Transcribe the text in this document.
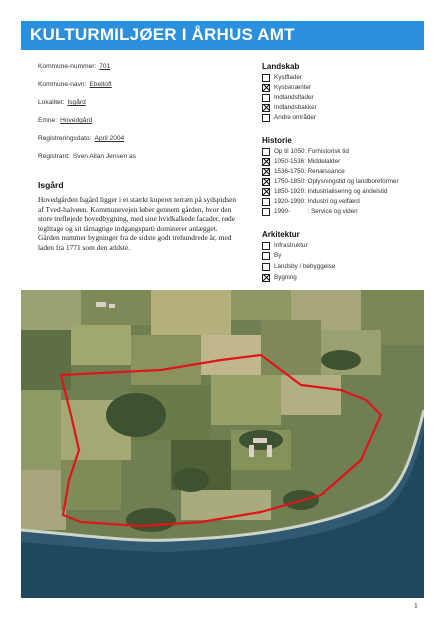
KULTURMILJØER I ÅRHUS AMT
Kommune-nummer: 701
Kommune-navn: Ebeltoft
Lokalitet: Isgård
Emne: Hovedgård
Registreringsdato: April 2004
Registrant: Sven Allan Jensen as
Isgård
Hovedgården Isgård ligger i et stærkt kuperet terræn på sydspidsen af Tved-halvøen. Kommunevejen løber gennem gården, hvor den store trefløjede hovedbygning, med sine hvidkalkede facader, røde teglttage og sit tårnagtige indgangsparti dominerer anlægget. Gården nummer bygninger fra de sidste godt trehundrede år, med laden fra 1771 som den ældste.
Landskab
Kystflader
Kystskrænter
Indlandsflader
Indlandsbakker
Andre områder
Historie
Op til 1050: Forhistorisk tid
1050-1536: Middelalder
1536-1750: Renæssance
1750-1850: Oplysningstid og landboreformer
1850-1920: Industrialisering og andelstid
1920-1990: Industri og velfærd
1990-          : Service og viden
Arkitektur
Infrastruktur
By
Landsby / bebyggelse
Bygning
1
